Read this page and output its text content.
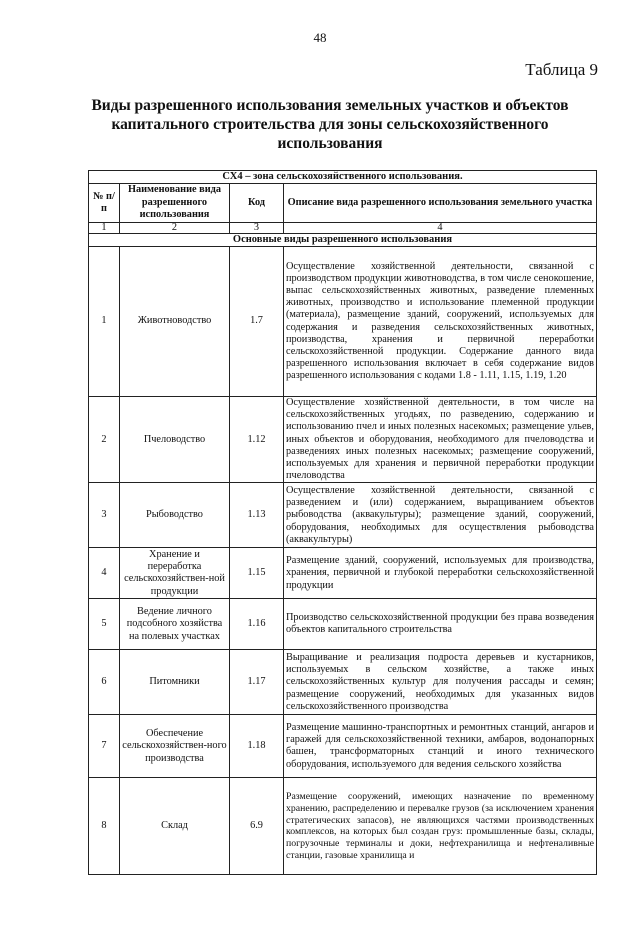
48
Таблица 9
Виды разрешенного использования земельных участков и объектов капитального строительства для зоны сельскохозяйственного использования
СХ4 – зона сельскохозяйственного использования.			
№ п/п	Наименование вида разрешенного использования	Код	Описание вида разрешенного использования земельного участка
1	2	3	4
Основные виды разрешенного использования			
1	Животноводство	1.7	Осуществление хозяйственной деятельности, связанной с производством продукции животноводства, в том числе сенокошение, выпас сельскохозяйственных животных, разведение племенных животных, производство и использование племенной продукции (материала), размещение зданий, сооружений, используемых для содержания и разведения сельскохозяйственных животных, производства, хранения и первичной переработки сельскохозяйственной продукции. Содержание данного вида разрешенного использования включает в себя содержание видов разрешенного использования с кодами 1.8 - 1.11, 1.15, 1.19, 1.20
2	Пчеловодство	1.12	Осуществление хозяйственной деятельности, в том числе на сельскохозяйственных угодьях, по разведению, содержанию и использованию пчел и иных полезных насекомых; размещение ульев, иных объектов и оборудования, необходимого для пчеловодства и разведениях иных полезных насекомых; размещение сооружений, используемых для хранения и первичной переработки продукции пчеловодства
3	Рыбоводство	1.13	Осуществление хозяйственной деятельности, связанной с разведением и (или) содержанием, выращиванием объектов рыбоводства (аквакультуры); размещение зданий, сооружений, оборудования, необходимых для осуществления рыбоводства (аквакультуры)
4	Хранение и переработка сельскохозяйствен-ной продукции	1.15	Размещение зданий, сооружений, используемых для производства, хранения, первичной и глубокой переработки сельскохозяйственной продукции
5	Ведение личного подсобного хозяйства на полевых участках	1.16	Производство сельскохозяйственной продукции без права возведения объектов капитального строительства
6	Питомники	1.17	Выращивание и реализация подроста деревьев и кустарников, используемых в сельском хозяйстве, а также иных сельскохозяйственных культур для получения рассады и семян; размещение сооружений, необходимых для указанных видов сельскохозяйственного производства
7	Обеспечение сельскохозяйствен-ного производства	1.18	Размещение машинно-транспортных и ремонтных станций, ангаров и гаражей для сельскохозяйственной техники, амбаров, водонапорных башен, трансформаторных станций и иного технического оборудования, используемого для ведения сельского хозяйства
8	Склад	6.9	Размещение сооружений, имеющих назначение по временному хранению, распределению и перевалке грузов (за исключением хранения стратегических запасов), не являющихся частями производственных комплексов, на которых был создан груз: промышленные базы, склады, погрузочные терминалы и доки, нефтехранилища и нефтеналивные станции, газовые хранилища и
